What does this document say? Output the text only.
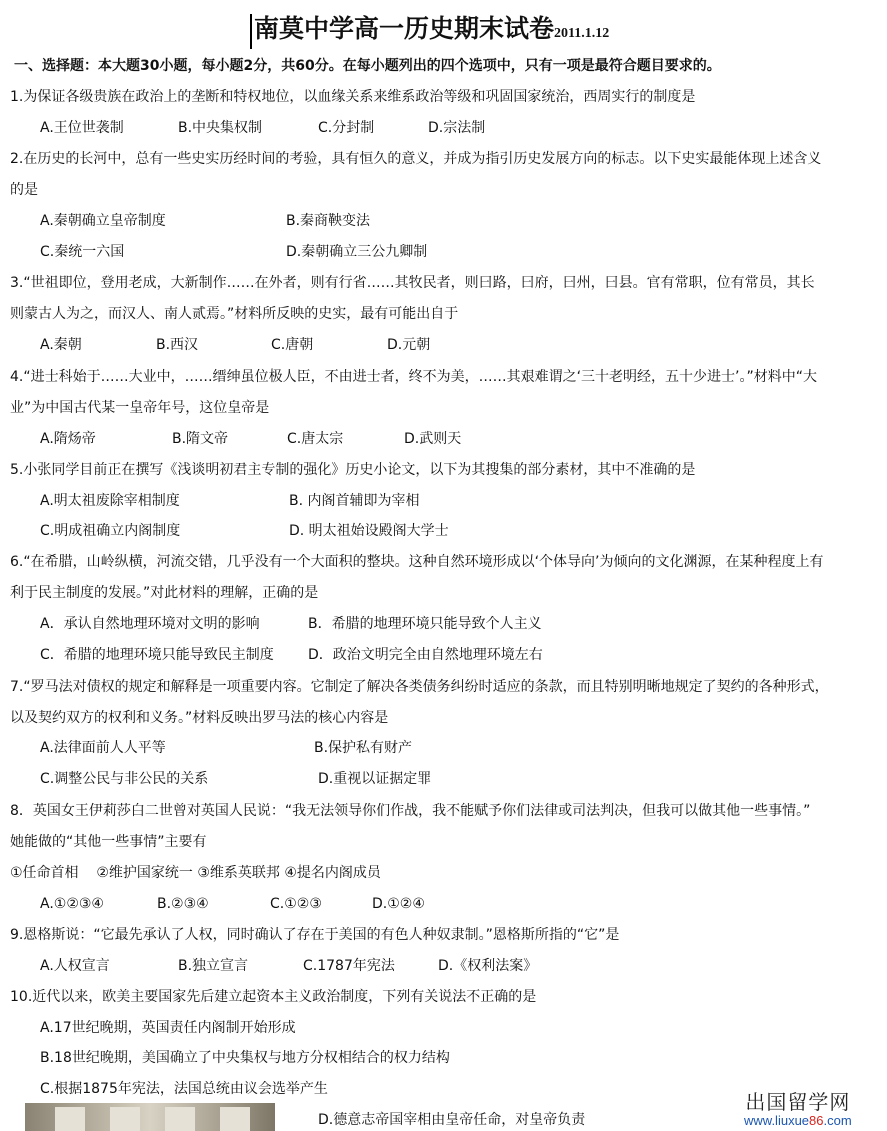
南莫中学高一历史期末试卷2011.1.12
一、选择题：本大题30小题，每小题2分，共60分。在每小题列出的四个选项中，只有一项是最符合题目要求的。
1.为保证各级贵族在政治上的垄断和特权地位，以血缘关系来维系政治等级和巩固国家统治，西周实行的制度是
A.王位世袭制	B.中央集权制	C.分封制	D.宗法制
2.在历史的长河中，总有一些史实历经时间的考验，具有恒久的意义，并成为指引历史发展方向的标志。以下史实最能体现上述含义
的是
A.秦朝确立皇帝制度	B.秦商鞅变法
C.秦统一六国	D.秦朝确立三公九卿制
3.“世祖即位，登用老成，大新制作……在外者，则有行省……其牧民者，则曰路，曰府，曰州，曰县。官有常职，位有常员，其长
则蒙古人为之，而汉人、南人贰焉。”材料所反映的史实，最有可能出自于
A.秦朝	B.西汉	C.唐朝	D.元朝
4.“进士科始于……大业中，……缙绅虽位极人臣，不由进士者，终不为美，……其艰难谓之‘三十老明经，五十少进士’。”材料中“大
业”为中国古代某一皇帝年号，这位皇帝是
A.隋炀帝	B.隋文帝	C.唐太宗	D.武则天
5.小张同学目前正在撰写《浅谈明初君主专制的强化》历史小论文，以下为其搜集的部分素材，其中不准确的是
A.明太祖废除宰相制度	B. 内阁首辅即为宰相
C.明成祖确立内阁制度	D. 明太祖始设殿阁大学士
6.“在希腊，山岭纵横，河流交错，几乎没有一个大面积的整块。这种自然环境形成以‘个体导向’为倾向的文化渊源，在某种程度上有
利于民主制度的发展。”对此材料的理解，正确的是
A．承认自然地理环境对文明的影响	B．希腊的地理环境只能导致个人主义
C．希腊的地理环境只能导致民主制度 D．政治文明完全由自然地理环境左右
7.“罗马法对债权的规定和解释是一项重要内容。它制定了解决各类债务纠纷时适应的条款，而且特别明晰地规定了契约的各种形式，
以及契约双方的权利和义务。”材料反映出罗马法的核心内容是
A.法律面前人人平等	B.保护私有财产
C.调整公民与非公民的关系	D.重视以证据定罪
8．英国女王伊莉莎白二世曾对英国人民说：“我无法领导你们作战，我不能赋予你们法律或司法判决，但我可以做其他一些事情。”
她能做的“其他一些事情”主要有
①任命首相    ②维护国家统一 ③维系英联邦 ④提名内阁成员
A.①②③④	B.②③④	C.①②③	D.①②④
9.恩格斯说：“它最先承认了人权，同时确认了存在于美国的有色人种奴隶制。”恩格斯所指的“它”是
A.人权宣言	B.独立宣言	C.1787年宪法	D.《权利法案》
10.近代以来，欧美主要国家先后建立起资本主义政治制度，下列有关说法不正确的是
A.17世纪晚期，英国责任内阁制开始形成
B.18世纪晚期，美国确立了中央集权与地方分权相结合的权力结构
C.根据1875年宪法，法国总统由议会选举产生
D.德意志帝国宰相由皇帝任命，对皇帝负责
出国留学网
www.liuxue86.com
